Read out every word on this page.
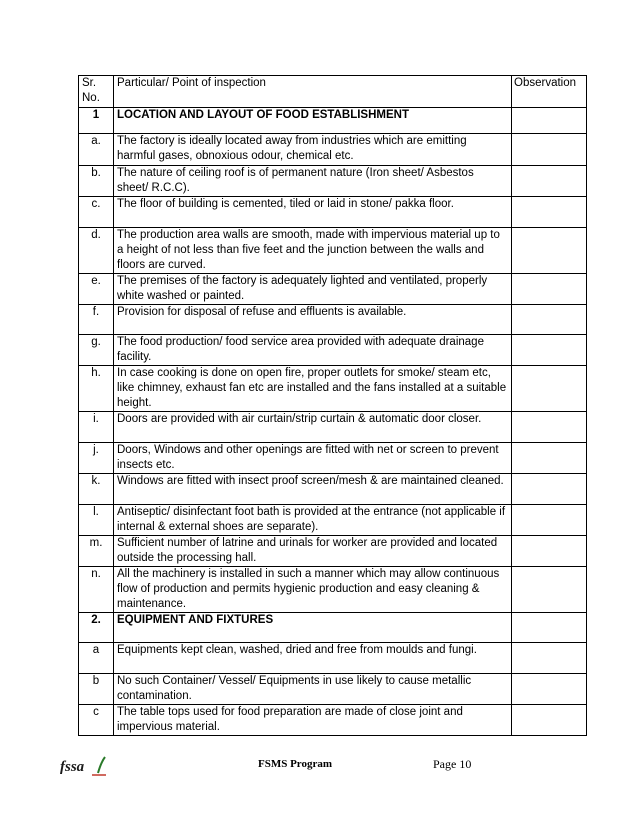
Sr. No.	Particular/ Point of inspection	Observation
1	LOCATION AND LAYOUT OF FOOD ESTABLISHMENT	
a.	The factory is ideally located away from industries which are emitting harmful gases, obnoxious odour, chemical etc.	
b.	The nature of ceiling roof is of permanent nature (Iron sheet/ Asbestos sheet/ R.C.C).	
c.	The floor of building is cemented, tiled or laid in stone/ pakka floor.	
d.	The production area walls are smooth, made with impervious material up to a height of not less than five feet and the junction between the walls and floors are curved.	
e.	The premises of the factory is adequately lighted and ventilated, properly white washed or painted.	
f.	Provision for disposal of refuse and effluents is available.	
g.	The food production/ food service area provided with adequate drainage facility.	
h.	In case cooking is done on open fire, proper outlets for smoke/ steam etc, like chimney, exhaust fan etc are installed and the fans installed at a suitable height.	
i.	Doors are provided with air curtain/strip curtain & automatic door closer.	
j.	Doors, Windows and other openings are fitted with net or screen to prevent insects etc.	
k.	Windows are fitted with insect proof screen/mesh & are maintained cleaned.	
l.	Antiseptic/ disinfectant foot bath is provided at the entrance (not applicable if internal & external shoes are separate).	
m.	Sufficient number of latrine and urinals for worker are provided and located outside the processing hall.	
n.	All the machinery is installed in such a manner which may allow continuous flow of production and permits hygienic production and easy cleaning & maintenance.	
2.	EQUIPMENT AND FIXTURES	
a	Equipments kept clean, washed, dried and free from moulds and fungi.	
b	No such Container/ Vessel/ Equipments in use likely to cause metallic contamination.	
c	The table tops used for food preparation are made of close joint and impervious material.	
fssa	FSMS Program	Page 10
